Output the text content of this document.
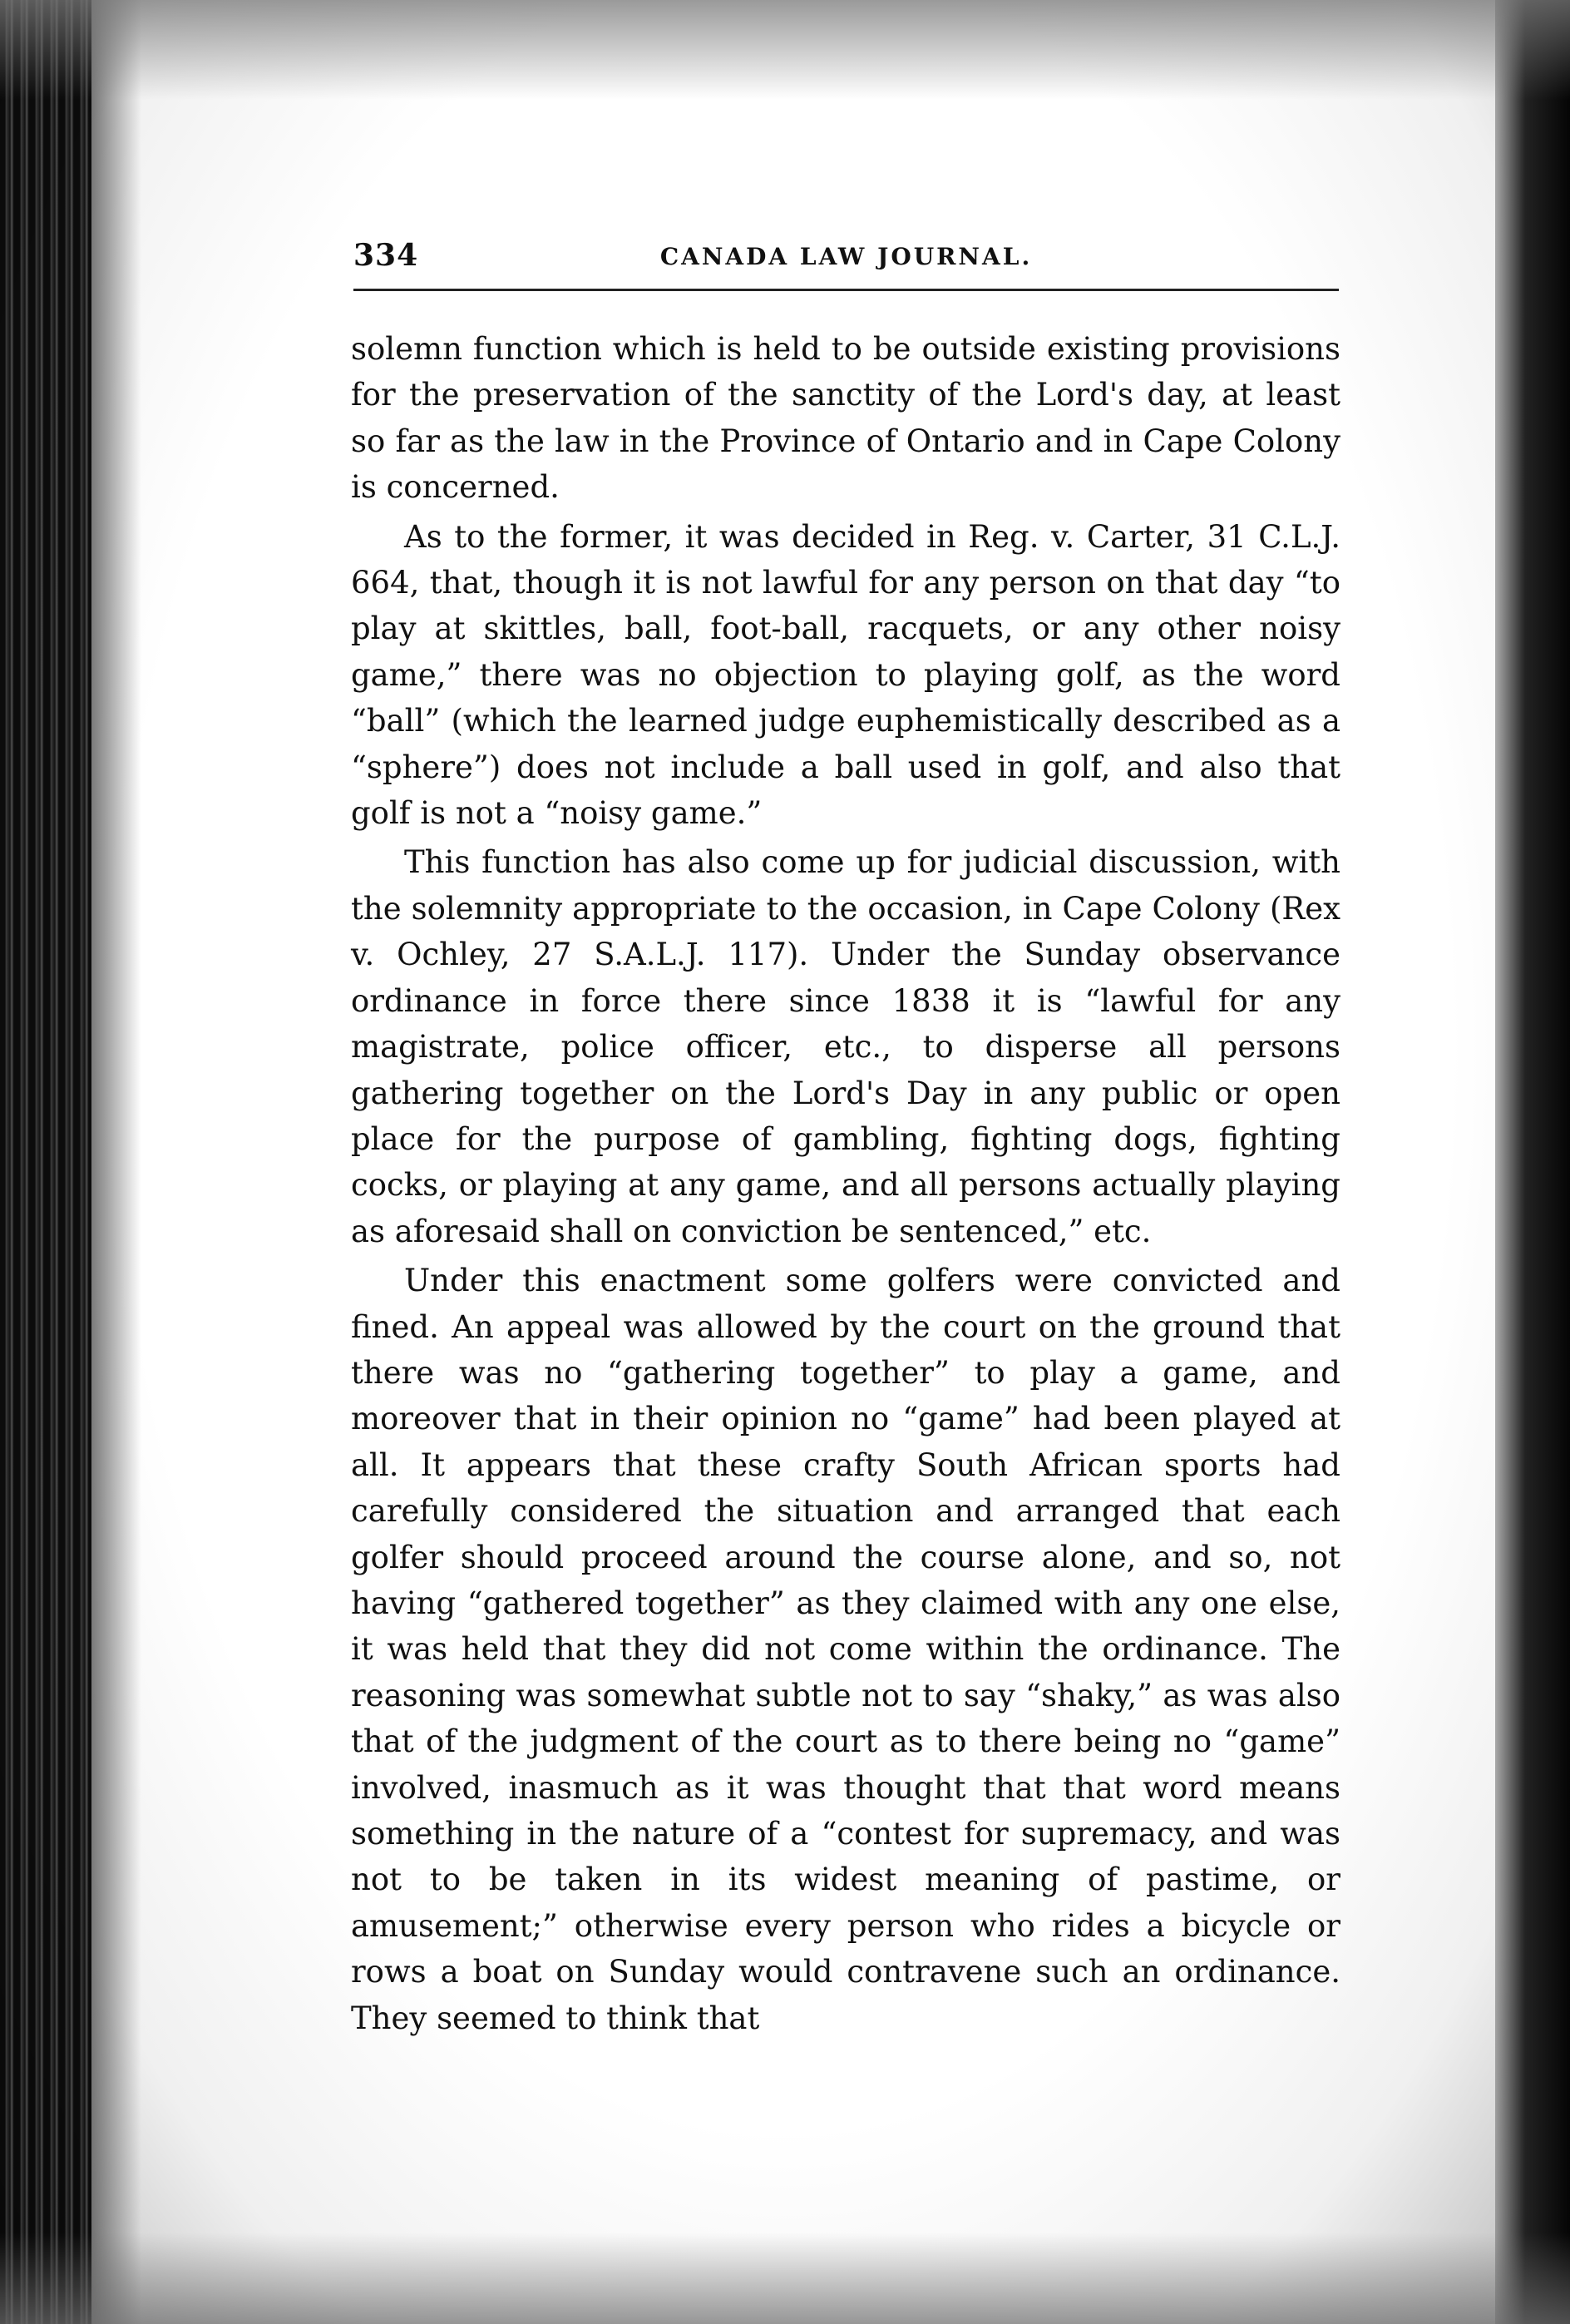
334	CANADA LAW JOURNAL.

solemn function which is held to be outside existing provisions for the preservation of the sanctity of the Lord's day, at least so far as the law in the Province of Ontario and in Cape Colony is concerned.

As to the former, it was decided in Reg. v. Carter, 31 C.L.J. 664, that, though it is not lawful for any person on that day “to play at skittles, ball, foot-ball, racquets, or any other noisy game,” there was no objection to playing golf, as the word “ball” (which the learned judge euphemistically described as a “sphere”) does not include a ball used in golf, and also that golf is not a “noisy game.”

This function has also come up for judicial discussion, with the solemnity appropriate to the occasion, in Cape Colony (Rex v. Ochley, 27 S.A.L.J. 117). Under the Sunday observance ordinance in force there since 1838 it is “lawful for any magistrate, police officer, etc., to disperse all persons gathering together on the Lord's Day in any public or open place for the purpose of gambling, fighting dogs, fighting cocks, or playing at any game, and all persons actually playing as aforesaid shall on conviction be sentenced,” etc.

Under this enactment some golfers were convicted and fined. An appeal was allowed by the court on the ground that there was no “gathering together” to play a game, and moreover that in their opinion no “game” had been played at all. It appears that these crafty South African sports had carefully considered the situation and arranged that each golfer should proceed around the course alone, and so, not having “gathered together” as they claimed with any one else, it was held that they did not come within the ordinance. The reasoning was somewhat subtle not to say “shaky,” as was also that of the judgment of the court as to there being no “game” involved, inasmuch as it was thought that that word means something in the nature of a “contest for supremacy, and was not to be taken in its widest meaning of pastime, or amusement;” otherwise every person who rides a bicycle or rows a boat on Sunday would contravene such an ordinance. They seemed to think that
